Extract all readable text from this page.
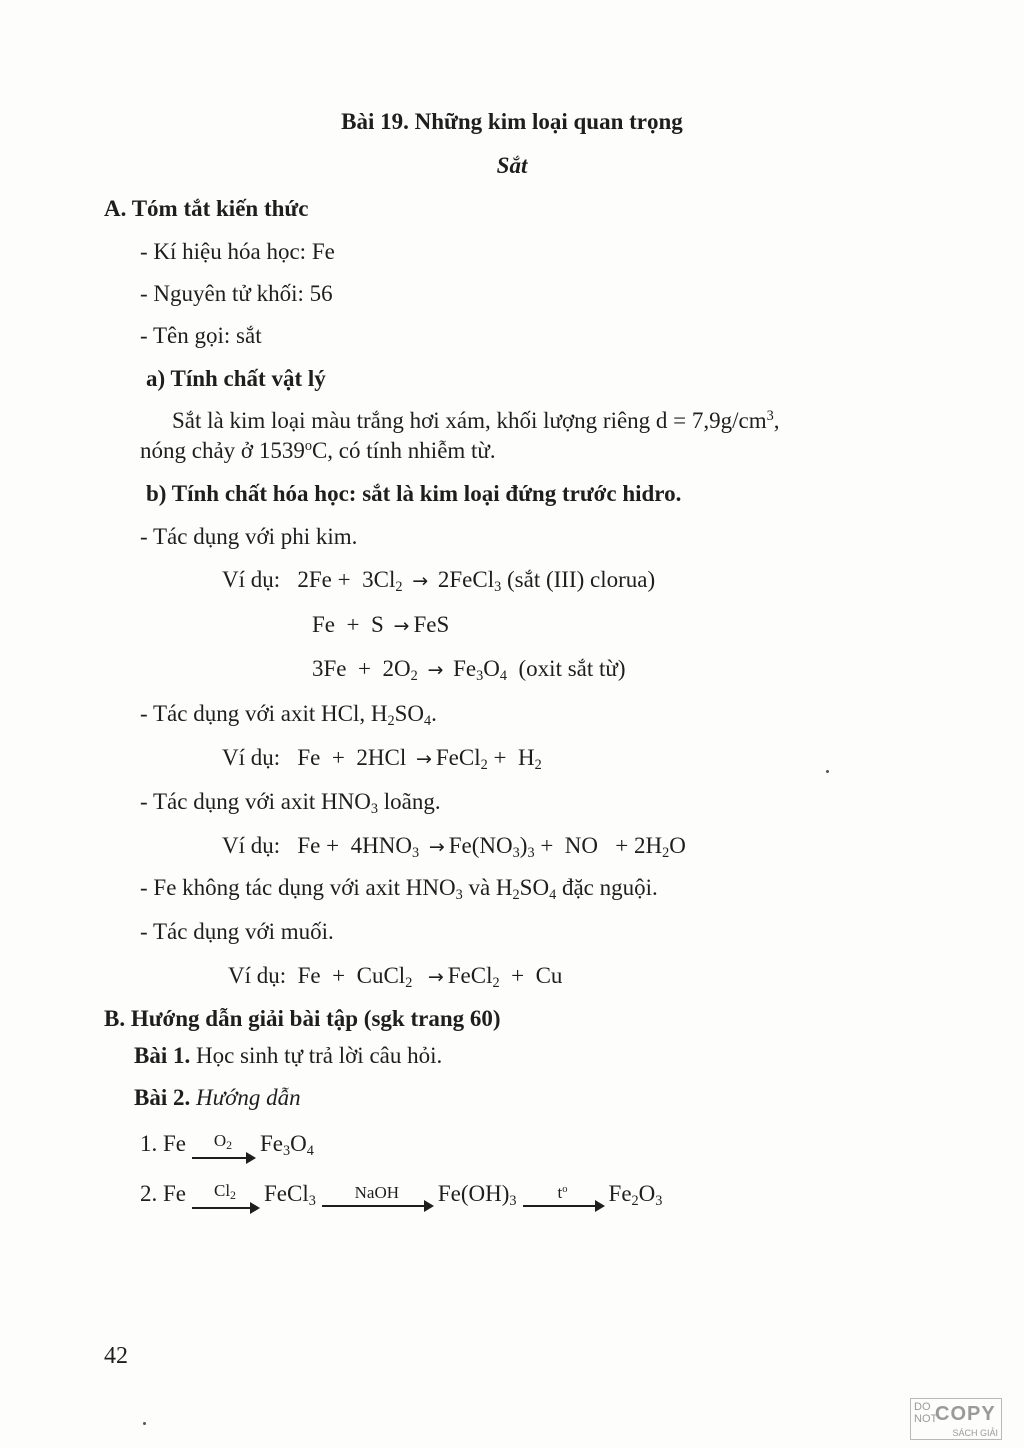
Bài 19. Những kim loại quan trọng
Sắt
A. Tóm tắt kiến thức
- Kí hiệu hóa học: Fe
- Nguyên tử khối: 56
- Tên gọi: sắt
a) Tính chất vật lý
Sắt là kim loại màu trắng hơi xám, khối lượng riêng $d = 7,9g/cm^3$,
nóng chảy ở 1539$^o$C, có tính nhiễm từ.
b) Tính chất hóa học: sắt là kim loại đứng trước hidro.
- Tác dụng với phi kim.
Ví dụ:   $2Fe + 3Cl_2$ → 2FeCl$_3$ (sắt (III) clorua)
Fe  +  S → FeS
$3Fe + 2O_2 \to Fe_3O_4$  (oxit sắt từ)
- Tác dụng với axit HCl, $H_2SO_4$.
Ví dụ:   Fe  +  2HCl → FeCl$_2$ +  $H_2$
- Tác dụng với axit $HNO_3$ loãng.
Ví dụ:   $Fe + 4HNO_3 \to Fe(NO_3)_3$ +  NO   + $2H_2O$
- Fe không tác dụng với axit $HNO_3$ và $H_2SO_4$ đặc nguội.
- Tác dụng với muối.
Ví dụ:  Fe  +  CuCl$_2$ → FeCl$_2$  +  Cu
B. Hướng dẫn giải bài tập (sgk trang 60)
Bài 1. Học sinh tự trả lời câu hỏi.
Bài 2. Hướng dẫn
1. Fe	O2	$Fe_3O_4$
2. Fe	Cl2	FeCl$_3$	NaOH	$Fe(OH)_3$	$t^o$	$Fe_2O_3$
42
DO
NOT
COPY
SÁCH GIẢI
